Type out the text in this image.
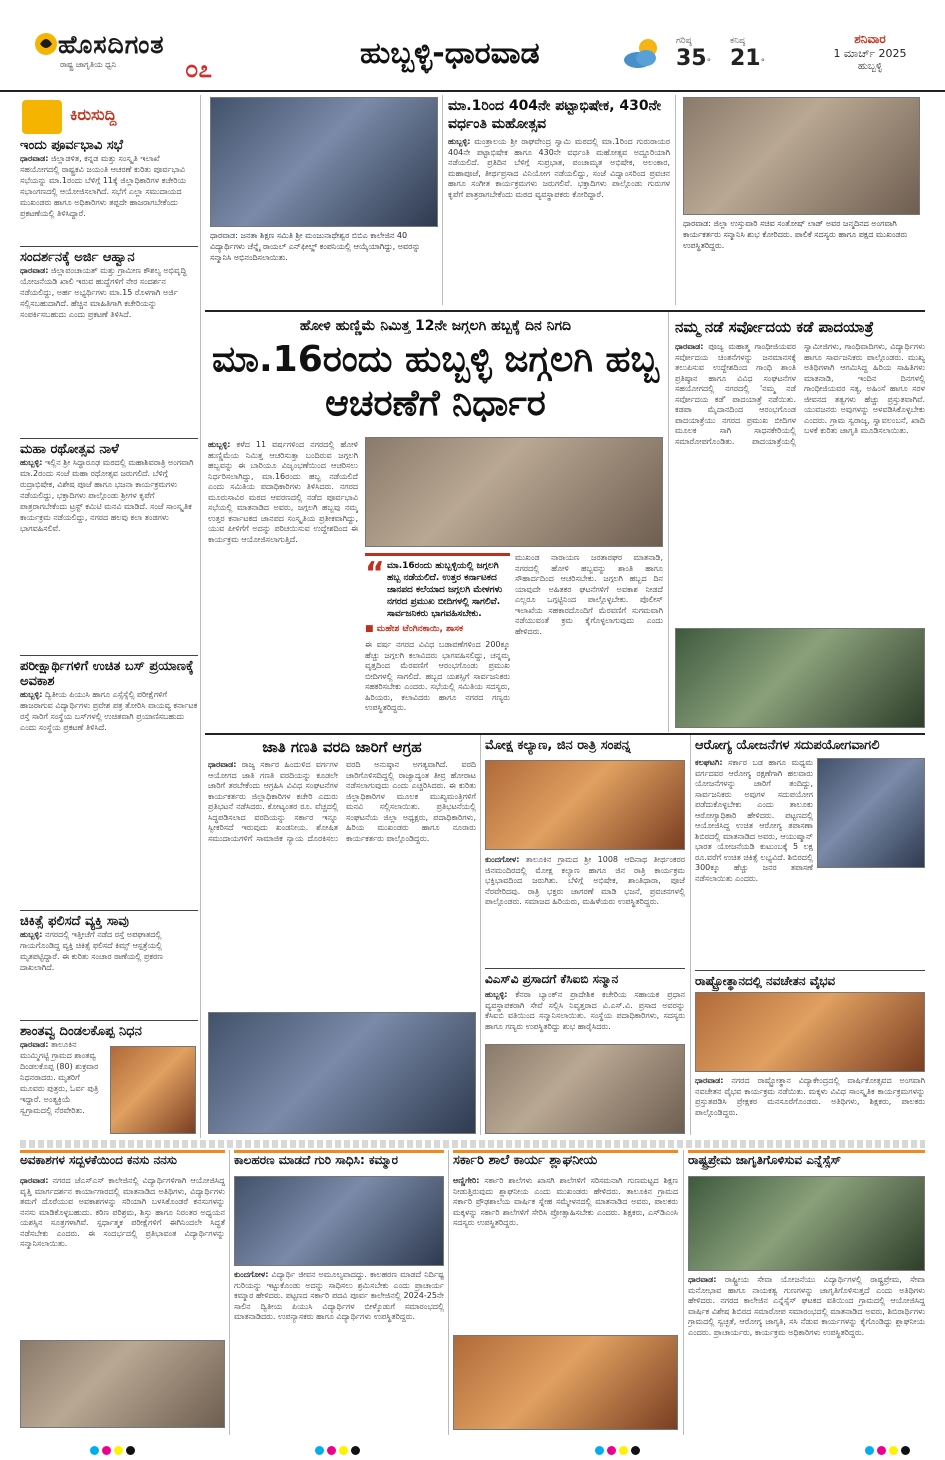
ಹೊಸದಿಗಂತ
ರಾಷ್ಟ್ರ ಜಾಗೃತಿಯ ಧ್ವನಿ	೦೭	ಹುಬ್ಬಳ್ಳಿ-ಧಾರವಾಡ	ಗರಿಷ್ಠ
35°
ಕನಿಷ್ಠ
21°
ಶನಿವಾರ
1 ಮಾರ್ಚ್ 2025
ಹುಬ್ಬಳ್ಳಿ
ಕಿರುಸುದ್ದಿ
ಇಂದು ಪೂರ್ವಭಾವಿ ಸಭೆ
ಧಾರವಾಡ: ಜಿಲ್ಲಾಡಳಿತ, ಕನ್ನಡ ಮತ್ತು ಸಂಸ್ಕೃತಿ ಇಲಾಖೆ ಸಹಯೋಗದಲ್ಲಿ ರಾಷ್ಟ್ರಕವಿ ಜಯಂತಿ ಆಚರಣೆ ಕುರಿತು ಪೂರ್ವಭಾವಿ ಸಭೆಯನ್ನು ಮಾ.1ರಂದು ಬೆಳಿಗ್ಗೆ 11ಕ್ಕೆ ಜಿಲ್ಲಾಧಿಕಾರಿಗಳ ಕಚೇರಿಯ ಸಭಾಂಗಣದಲ್ಲಿ ಆಯೋಜಿಸಲಾಗಿದೆ. ಸಭೆಗೆ ಎಲ್ಲಾ ಸಮುದಾಯದ ಮುಖಂಡರು ಹಾಗೂ ಅಧಿಕಾರಿಗಳು ತಪ್ಪದೇ ಹಾಜರಾಗಬೇಕೆಂದು ಪ್ರಕಟಣೆಯಲ್ಲಿ ತಿಳಿಸಿದ್ದಾರೆ.
ಸಂದರ್ಶನಕ್ಕೆ ಅರ್ಜಿ ಆಹ್ವಾನ
ಧಾರವಾಡ: ಜಿಲ್ಲಾಪಂಚಾಯತ್ ಮತ್ತು ಗ್ರಾಮೀಣ ಕೌಶಲ್ಯ ಅಭಿವೃದ್ಧಿ ಯೋಜನೆಯಡಿ ಖಾಲಿ ಇರುವ ಹುದ್ದೆಗಳಿಗೆ ನೇರ ಸಂದರ್ಶನ ನಡೆಯಲಿದ್ದು, ಅರ್ಹ ಅಭ್ಯರ್ಥಿಗಳು ಮಾ.15 ರೊಳಗಾಗಿ ಅರ್ಜಿ ಸಲ್ಲಿಸಬಹುದಾಗಿದೆ. ಹೆಚ್ಚಿನ ಮಾಹಿತಿಗಾಗಿ ಕಚೇರಿಯನ್ನು ಸಂಪರ್ಕಿಸಬಹುದು ಎಂದು ಪ್ರಕಟಣೆ ತಿಳಿಸಿದೆ.
ಮಹಾ ರಥೋತ್ಸವ ನಾಳೆ
ಹುಬ್ಬಳ್ಳಿ: ಇಲ್ಲಿನ ಶ್ರೀ ಸಿದ್ಧಾರೂಢ ಮಠದಲ್ಲಿ ಮಹಾಶಿವರಾತ್ರಿ ಅಂಗವಾಗಿ ಮಾ.2ರಂದು ಸಂಜೆ ಮಹಾ ರಥೋತ್ಸವ ಜರುಗಲಿದೆ. ಬೆಳಿಗ್ಗೆ ರುದ್ರಾಭಿಷೇಕ, ವಿಶೇಷ ಪೂಜೆ ಹಾಗೂ ಭಜನಾ ಕಾರ್ಯಕ್ರಮಗಳು ನಡೆಯಲಿದ್ದು, ಭಕ್ತಾದಿಗಳು ಪಾಲ್ಗೊಂಡು ಶ್ರೀಗಳ ಕೃಪೆಗೆ ಪಾತ್ರರಾಗಬೇಕೆಂದು ಟ್ರಸ್ಟ್ ಕಮಿಟಿ ಮನವಿ ಮಾಡಿದೆ. ಸಂಜೆ ಸಾಂಸ್ಕೃತಿಕ ಕಾರ್ಯಕ್ರಮ ನಡೆಯಲಿದ್ದು, ನಗರದ ಹಲವು ಕಲಾ ತಂಡಗಳು ಭಾಗವಹಿಸಲಿವೆ.
ಪರೀಕ್ಷಾರ್ಥಿಗಳಿಗೆ ಉಚಿತ ಬಸ್ ಪ್ರಯಾಣಕ್ಕೆ ಅವಕಾಶ
ಹುಬ್ಬಳ್ಳಿ: ದ್ವಿತೀಯ ಪಿಯುಸಿ ಹಾಗೂ ಎಸ್ಸೆಸ್ಸೆಲ್ಸಿ ಪರೀಕ್ಷೆಗಳಿಗೆ ಹಾಜರಾಗುವ ವಿದ್ಯಾರ್ಥಿಗಳು ಪ್ರವೇಶ ಪತ್ರ ತೋರಿಸಿ ವಾಯವ್ಯ ಕರ್ನಾಟಕ ರಸ್ತೆ ಸಾರಿಗೆ ಸಂಸ್ಥೆಯ ಬಸ್‌ಗಳಲ್ಲಿ ಉಚಿತವಾಗಿ ಪ್ರಯಾಣಿಸಬಹುದು ಎಂದು ಸಂಸ್ಥೆಯ ಪ್ರಕಟಣೆ ತಿಳಿಸಿದೆ.
ಚಿಕಿತ್ಸೆ ಫಲಿಸದೆ ವ್ಯಕ್ತಿ ಸಾವು
ಹುಬ್ಬಳ್ಳಿ: ನಗರದಲ್ಲಿ ಇತ್ತೀಚೆಗೆ ನಡೆದ ರಸ್ತೆ ಅಪಘಾತದಲ್ಲಿ ಗಾಯಗೊಂಡಿದ್ದ ವ್ಯಕ್ತಿ ಚಿಕಿತ್ಸೆ ಫಲಿಸದೆ ಕಿಮ್ಸ್ ಆಸ್ಪತ್ರೆಯಲ್ಲಿ ಮೃತಪಟ್ಟಿದ್ದಾರೆ. ಈ ಕುರಿತು ಸಂಚಾರ ಠಾಣೆಯಲ್ಲಿ ಪ್ರಕರಣ ದಾಖಲಾಗಿದೆ.
ಶಾಂತವ್ವ ದಿಂಡಲಕೊಪ್ಪ ನಿಧನ
ಧಾರವಾಡ: ತಾಲೂಕಿನ ಮುಮ್ಮಿಗಟ್ಟಿ ಗ್ರಾಮದ ಶಾಂತವ್ವ ದಿಂಡಲಕೊಪ್ಪ (80) ಶುಕ್ರವಾರ ನಿಧನರಾದರು. ಮೃತರಿಗೆ ಮೂವರು ಪುತ್ರರು, ಓರ್ವ ಪುತ್ರಿ ಇದ್ದಾರೆ. ಅಂತ್ಯಕ್ರಿಯೆ ಸ್ವಗ್ರಾಮದಲ್ಲಿ ನೆರವೇರಿತು.
ಧಾರವಾಡ: ಜನತಾ ಶಿಕ್ಷಣ ಸಮಿತಿ ಶ್ರೀ ಮಂಜುನಾಥೇಶ್ವರ ಬಿಬಿಎ ಕಾಲೇಜಿನ 40 ವಿದ್ಯಾರ್ಥಿಗಳು ಚೆನ್ನೈ ರಾಯಲ್ ಎನ್‌ಫೀಲ್ಡ್ ಕಂಪನಿಯಲ್ಲಿ ಆಯ್ಕೆಯಾಗಿದ್ದು, ಅವರನ್ನು ಸನ್ಮಾನಿಸಿ ಅಭಿನಂದಿಸಲಾಯಿತು.
ಮಾ.1ರಿಂದ 404ನೇ ಪಟ್ಟಾಭಿಷೇಕ, 430ನೇ ವರ್ಧಂತಿ ಮಹೋತ್ಸವ
ಹುಬ್ಬಳ್ಳಿ: ಮಂತ್ರಾಲಯ ಶ್ರೀ ರಾಘವೇಂದ್ರ ಸ್ವಾಮಿ ಮಠದಲ್ಲಿ ಮಾ.1ರಿಂದ ಗುರುರಾಯರ 404ನೇ ಪಟ್ಟಾಭಿಷೇಕ ಹಾಗೂ 430ನೇ ವರ್ಧಂತಿ ಮಹೋತ್ಸವ ಅದ್ದೂರಿಯಾಗಿ ನಡೆಯಲಿದೆ. ಪ್ರತಿದಿನ ಬೆಳಿಗ್ಗೆ ಸುಪ್ರಭಾತ, ಪಂಚಾಮೃತ ಅಭಿಷೇಕ, ಅಲಂಕಾರ, ಮಹಾಪೂಜೆ, ತೀರ್ಥಪ್ರಸಾದ ವಿನಿಯೋಗ ನಡೆಯಲಿದ್ದು, ಸಂಜೆ ವಿದ್ವಾಂಸರಿಂದ ಪ್ರವಚನ ಹಾಗೂ ಸಂಗೀತ ಕಾರ್ಯಕ್ರಮಗಳು ಜರುಗಲಿವೆ. ಭಕ್ತಾದಿಗಳು ಪಾಲ್ಗೊಂಡು ಗುರುಗಳ ಕೃಪೆಗೆ ಪಾತ್ರರಾಗಬೇಕೆಂದು ಮಠದ ವ್ಯವಸ್ಥಾಪಕರು ಕೋರಿದ್ದಾರೆ.
ಧಾರವಾಡ: ಜಿಲ್ಲಾ ಉಸ್ತುವಾರಿ ಸಚಿವ ಸಂತೋಷ್ ಲಾಡ್ ಅವರ ಜನ್ಮದಿನದ ಅಂಗವಾಗಿ ಕಾರ್ಯಕರ್ತರು ಸನ್ಮಾನಿಸಿ ಶುಭ ಕೋರಿದರು. ಪಾಲಿಕೆ ಸದಸ್ಯರು ಹಾಗೂ ಪಕ್ಷದ ಮುಖಂಡರು ಉಪಸ್ಥಿತರಿದ್ದರು.
ಹೋಳಿ ಹುಣ್ಣಿಮೆ ನಿಮಿತ್ತ 12ನೇ ಜಗ್ಗಲಗಿ ಹಬ್ಬಕ್ಕೆ ದಿನ ನಿಗದಿ
ಮಾ.16ರಂದು ಹುಬ್ಬಳ್ಳಿ ಜಗ್ಗಲಗಿ ಹಬ್ಬ ಆಚರಣೆಗೆ ನಿರ್ಧಾರ
ಹುಬ್ಬಳ್ಳಿ: ಕಳೆದ 11 ವರ್ಷಗಳಿಂದ ನಗರದಲ್ಲಿ ಹೋಳಿ ಹುಣ್ಣಿಮೆಯ ನಿಮಿತ್ತ ಆಚರಿಸುತ್ತಾ ಬಂದಿರುವ ಜಗ್ಗಲಗಿ ಹಬ್ಬವನ್ನು ಈ ಬಾರಿಯೂ ವಿಜೃಂಭಣೆಯಿಂದ ಆಚರಿಸಲು ನಿರ್ಧರಿಸಲಾಗಿದ್ದು, ಮಾ.16ರಂದು ಹಬ್ಬ ನಡೆಯಲಿದೆ ಎಂದು ಸಮಿತಿಯ ಪದಾಧಿಕಾರಿಗಳು ತಿಳಿಸಿದರು. ನಗರದ ಮೂರುಸಾವಿರ ಮಠದ ಆವರಣದಲ್ಲಿ ನಡೆದ ಪೂರ್ವಭಾವಿ ಸಭೆಯಲ್ಲಿ ಮಾತನಾಡಿದ ಅವರು, ಜಗ್ಗಲಗಿ ಹಬ್ಬವು ನಮ್ಮ ಉತ್ತರ ಕರ್ನಾಟಕದ ಜಾನಪದ ಸಂಸ್ಕೃತಿಯ ಪ್ರತೀಕವಾಗಿದ್ದು, ಯುವ ಪೀಳಿಗೆಗೆ ಅದನ್ನು ಪರಿಚಯಿಸುವ ಉದ್ದೇಶದಿಂದ ಈ ಕಾರ್ಯಕ್ರಮ ಆಯೋಜಿಸಲಾಗುತ್ತಿದೆ.
ಈ ವರ್ಷ ನಗರದ ವಿವಿಧ ಬಡಾವಣೆಗಳಿಂದ 200ಕ್ಕೂ ಹೆಚ್ಚು ಜಗ್ಗಲಗಿ ಕಲಾವಿದರು ಭಾಗವಹಿಸಲಿದ್ದು, ಚನ್ನಮ್ಮ ವೃತ್ತದಿಂದ ಮೆರವಣಿಗೆ ಆರಂಭಗೊಂಡು ಪ್ರಮುಖ ಬೀದಿಗಳಲ್ಲಿ ಸಾಗಲಿದೆ. ಹಬ್ಬದ ಯಶಸ್ಸಿಗೆ ಸಾರ್ವಜನಿಕರು ಸಹಕರಿಸಬೇಕು ಎಂದರು. ಸಭೆಯಲ್ಲಿ ಸಮಿತಿಯ ಸದಸ್ಯರು, ಹಿರಿಯರು, ಕಲಾವಿದರು ಹಾಗೂ ನಗರದ ಗಣ್ಯರು ಉಪಸ್ಥಿತರಿದ್ದರು.
“ ಮಾ.16ರಂದು ಹುಬ್ಬಳ್ಳಿಯಲ್ಲಿ ಜಗ್ಗಲಗಿ ಹಬ್ಬ ನಡೆಯಲಿದೆ. ಉತ್ತರ ಕರ್ನಾಟಕದ ಜಾನಪದ ಕಲೆಯಾದ ಜಗ್ಗಲಗಿ ಮೇಳಗಳು ನಗರದ ಪ್ರಮುಖ ಬೀದಿಗಳಲ್ಲಿ ಸಾಗಲಿವೆ. ಸಾರ್ವಜನಿಕರು ಭಾಗವಹಿಸಬೇಕು.
■ ಮಹೇಶ ಟೆಂಗಿನಕಾಯಿ, ಶಾಸಕ
ಮುಖಂಡ ನಾರಾಯಣ ಜರತಾರಘರ ಮಾತನಾಡಿ, ನಗರದಲ್ಲಿ ಹೋಳಿ ಹಬ್ಬವನ್ನು ಶಾಂತಿ ಹಾಗೂ ಸೌಹಾರ್ದದಿಂದ ಆಚರಿಸಬೇಕು. ಜಗ್ಗಲಗಿ ಹಬ್ಬದ ದಿನ ಯಾವುದೇ ಅಹಿತಕರ ಘಟನೆಗಳಿಗೆ ಅವಕಾಶ ನೀಡದೆ ಎಲ್ಲರೂ ಒಗ್ಗಟ್ಟಿನಿಂದ ಪಾಲ್ಗೊಳ್ಳಬೇಕು. ಪೊಲೀಸ್ ಇಲಾಖೆಯ ಸಹಕಾರದೊಂದಿಗೆ ಮೆರವಣಿಗೆ ಸುಗಮವಾಗಿ ನಡೆಯುವಂತೆ ಕ್ರಮ ಕೈಗೊಳ್ಳಲಾಗುವುದು ಎಂದು ಹೇಳಿದರು.
ನಮ್ಮ ನಡೆ ಸರ್ವೋದಯ ಕಡೆ ಪಾದಯಾತ್ರೆ
ಧಾರವಾಡ: ಪೂಜ್ಯ ಮಹಾತ್ಮ ಗಾಂಧೀಜಿಯವರ ಸರ್ವೋದಯ ಚಿಂತನೆಗಳನ್ನು ಜನಮಾನಸಕ್ಕೆ ತಲುಪಿಸುವ ಉದ್ದೇಶದಿಂದ ಗಾಂಧಿ ಶಾಂತಿ ಪ್ರತಿಷ್ಠಾನ ಹಾಗೂ ವಿವಿಧ ಸಂಘಟನೆಗಳ ಸಹಯೋಗದಲ್ಲಿ ನಗರದಲ್ಲಿ 'ನಮ್ಮ ನಡೆ ಸರ್ವೋದಯ ಕಡೆ' ಪಾದಯಾತ್ರೆ ನಡೆಯಿತು. ಕಡಪಾ ಮೈದಾನದಿಂದ ಆರಂಭಗೊಂಡ ಪಾದಯಾತ್ರೆಯು ನಗರದ ಪ್ರಮುಖ ಬೀದಿಗಳ ಮೂಲಕ ಸಾಗಿ ಸಾಧನಕೇರಿಯಲ್ಲಿ ಸಮಾರೋಪಗೊಂಡಿತು. ಪಾದಯಾತ್ರೆಯಲ್ಲಿ ಸ್ವಾಮೀಜಿಗಳು, ಗಾಂಧಿವಾದಿಗಳು, ವಿದ್ಯಾರ್ಥಿಗಳು ಹಾಗೂ ಸಾರ್ವಜನಿಕರು ಪಾಲ್ಗೊಂಡರು. ಮುಖ್ಯ ಅತಿಥಿಗಳಾಗಿ ಆಗಮಿಸಿದ್ದ ಹಿರಿಯ ಸಾಹಿತಿಗಳು ಮಾತನಾಡಿ, ಇಂದಿನ ದಿನಗಳಲ್ಲಿ ಗಾಂಧೀಜಿಯವರ ಸತ್ಯ, ಅಹಿಂಸೆ ಹಾಗೂ ಸರಳ ಜೀವನದ ತತ್ವಗಳು ಹೆಚ್ಚು ಪ್ರಸ್ತುತವಾಗಿವೆ. ಯುವಜನರು ಅವುಗಳನ್ನು ಅಳವಡಿಸಿಕೊಳ್ಳಬೇಕು ಎಂದರು. ಗ್ರಾಮ ಸ್ವರಾಜ್ಯ, ಸ್ವಾವಲಂಬನೆ, ಖಾದಿ ಬಳಕೆ ಕುರಿತು ಜಾಗೃತಿ ಮೂಡಿಸಲಾಯಿತು.
ಜಾತಿ ಗಣತಿ ವರದಿ ಜಾರಿಗೆ ಆಗ್ರಹ
ಧಾರವಾಡ: ರಾಜ್ಯ ಸರ್ಕಾರ ಹಿಂದುಳಿದ ವರ್ಗಗಳ ಆಯೋಗದ ಜಾತಿ ಗಣತಿ ವರದಿಯನ್ನು ಕೂಡಲೇ ಜಾರಿಗೆ ತರಬೇಕೆಂದು ಆಗ್ರಹಿಸಿ ವಿವಿಧ ಸಂಘಟನೆಗಳ ಕಾರ್ಯಕರ್ತರು ಜಿಲ್ಲಾಧಿಕಾರಿಗಳ ಕಚೇರಿ ಎದುರು ಪ್ರತಿಭಟನೆ ನಡೆಸಿದರು. ಕೋಟ್ಯಂತರ ರೂ. ವೆಚ್ಚದಲ್ಲಿ ಸಿದ್ಧಪಡಿಸಲಾದ ವರದಿಯನ್ನು ಸರ್ಕಾರ ಇನ್ನೂ ಸ್ವೀಕರಿಸದೆ ಇರುವುದು ಖಂಡನೀಯ. ಶೋಷಿತ ಸಮುದಾಯಗಳಿಗೆ ಸಾಮಾಜಿಕ ನ್ಯಾಯ ದೊರಕಿಸಲು ವರದಿ ಅನುಷ್ಠಾನ ಅಗತ್ಯವಾಗಿದೆ. ವರದಿ ಜಾರಿಗೊಳಿಸದಿದ್ದಲ್ಲಿ ರಾಜ್ಯಾದ್ಯಂತ ತೀವ್ರ ಹೋರಾಟ ನಡೆಸಲಾಗುವುದು ಎಂದು ಎಚ್ಚರಿಸಿದರು. ಈ ಕುರಿತು ಜಿಲ್ಲಾಧಿಕಾರಿಗಳ ಮೂಲಕ ಮುಖ್ಯಮಂತ್ರಿಗಳಿಗೆ ಮನವಿ ಸಲ್ಲಿಸಲಾಯಿತು. ಪ್ರತಿಭಟನೆಯಲ್ಲಿ ಸಂಘಟನೆಯ ಜಿಲ್ಲಾ ಅಧ್ಯಕ್ಷರು, ಪದಾಧಿಕಾರಿಗಳು, ಹಿರಿಯ ಮುಖಂಡರು ಹಾಗೂ ನೂರಾರು ಕಾರ್ಯಕರ್ತರು ಪಾಲ್ಗೊಂಡಿದ್ದರು.
ಮೋಕ್ಷ ಕಲ್ಯಾಣ, ಜಿನ ರಾತ್ರಿ ಸಂಪನ್ನ
ಕುಂದಗೋಳ: ತಾಲೂಕಿನ ಗ್ರಾಮದ ಶ್ರೀ 1008 ಆದಿನಾಥ ತೀರ್ಥಂಕರರ ಜಿನಮಂದಿರದಲ್ಲಿ ಮೋಕ್ಷ ಕಲ್ಯಾಣ ಹಾಗೂ ಜಿನ ರಾತ್ರಿ ಕಾರ್ಯಕ್ರಮ ಭಕ್ತಿಭಾವದಿಂದ ಜರುಗಿತು. ಬೆಳಿಗ್ಗೆ ಅಭಿಷೇಕ, ಶಾಂತಿಧಾರಾ, ಪೂಜೆ ನೆರವೇರಿದವು. ರಾತ್ರಿ ಭಕ್ತರು ಜಾಗರಣೆ ಮಾಡಿ ಭಜನೆ, ಪ್ರವಚನಗಳಲ್ಲಿ ಪಾಲ್ಗೊಂಡರು. ಸಮಾಜದ ಹಿರಿಯರು, ಮಹಿಳೆಯರು ಉಪಸ್ಥಿತರಿದ್ದರು.
ವಿಎಸ್‌ವಿ ಪ್ರಸಾದಗೆ ಕೆಸಿಐಬಿ ಸನ್ಮಾನ
ಹುಬ್ಬಳ್ಳಿ: ಕೆನರಾ ಬ್ಯಾಂಕ್‌ನ ಪ್ರಾದೇಶಿಕ ಕಚೇರಿಯ ಸಹಾಯಕ ಪ್ರಧಾನ ವ್ಯವಸ್ಥಾಪಕರಾಗಿ ಸೇವೆ ಸಲ್ಲಿಸಿ ನಿವೃತ್ತರಾದ ವಿ.ಎಸ್.ವಿ. ಪ್ರಸಾದ ಅವರನ್ನು ಕೆಸಿಐಬಿ ವತಿಯಿಂದ ಸನ್ಮಾನಿಸಲಾಯಿತು. ಸಂಸ್ಥೆಯ ಪದಾಧಿಕಾರಿಗಳು, ಸದಸ್ಯರು ಹಾಗೂ ಗಣ್ಯರು ಉಪಸ್ಥಿತರಿದ್ದು ಶುಭ ಹಾರೈಸಿದರು.
ಆರೋಗ್ಯ ಯೋಜನೆಗಳ ಸದುಪಯೋಗವಾಗಲಿ
ಕಲಘಟಗಿ: ಸರ್ಕಾರ ಬಡ ಹಾಗೂ ಮಧ್ಯಮ ವರ್ಗದವರ ಆರೋಗ್ಯ ರಕ್ಷಣೆಗಾಗಿ ಹಲವಾರು ಯೋಜನೆಗಳನ್ನು ಜಾರಿಗೆ ತಂದಿದ್ದು, ಸಾರ್ವಜನಿಕರು ಅವುಗಳ ಸದುಪಯೋಗ ಪಡೆದುಕೊಳ್ಳಬೇಕು ಎಂದು ತಾಲೂಕು ಆರೋಗ್ಯಾಧಿಕಾರಿ ಹೇಳಿದರು. ಪಟ್ಟಣದಲ್ಲಿ ಆಯೋಜಿಸಿದ್ದ ಉಚಿತ ಆರೋಗ್ಯ ತಪಾಸಣಾ ಶಿಬಿರದಲ್ಲಿ ಮಾತನಾಡಿದ ಅವರು, ಆಯುಷ್ಮಾನ್ ಭಾರತ ಯೋಜನೆಯಡಿ ಕುಟುಂಬಕ್ಕೆ 5 ಲಕ್ಷ ರೂ.ವರೆಗೆ ಉಚಿತ ಚಿಕಿತ್ಸೆ ಲಭ್ಯವಿದೆ. ಶಿಬಿರದಲ್ಲಿ 300ಕ್ಕೂ ಹೆಚ್ಚು ಜನರ ತಪಾಸಣೆ ನಡೆಸಲಾಯಿತು ಎಂದರು.
ರಾಷ್ಟ್ರೋತ್ಥಾನದಲ್ಲಿ ನವಚೇತನ ವೈಭವ
ಧಾರವಾಡ: ನಗರದ ರಾಷ್ಟ್ರೋತ್ಥಾನ ವಿದ್ಯಾಕೇಂದ್ರದಲ್ಲಿ ವಾರ್ಷಿಕೋತ್ಸವದ ಅಂಗವಾಗಿ ನವಚೇತನ ವೈಭವ ಕಾರ್ಯಕ್ರಮ ನಡೆಯಿತು. ಮಕ್ಕಳು ವಿವಿಧ ಸಾಂಸ್ಕೃತಿಕ ಕಾರ್ಯಕ್ರಮಗಳನ್ನು ಪ್ರಸ್ತುತಪಡಿಸಿ ಪ್ರೇಕ್ಷಕರ ಮನಸೂರೆಗೊಂಡರು. ಅತಿಥಿಗಳು, ಶಿಕ್ಷಕರು, ಪಾಲಕರು ಪಾಲ್ಗೊಂಡಿದ್ದರು.
ಅವಕಾಶಗಳ ಸದ್ಬಳಕೆಯಿಂದ ಕನಸು ನನಸು
ಧಾರವಾಡ: ನಗರದ ಜೆಎಸ್‌ಎಸ್ ಕಾಲೇಜಿನಲ್ಲಿ ವಿದ್ಯಾರ್ಥಿಗಳಿಗಾಗಿ ಆಯೋಜಿಸಿದ್ದ ವೃತ್ತಿ ಮಾರ್ಗದರ್ಶನ ಕಾರ್ಯಾಗಾರದಲ್ಲಿ ಮಾತನಾಡಿದ ಅತಿಥಿಗಳು, ವಿದ್ಯಾರ್ಥಿಗಳು ತಮಗೆ ದೊರೆಯುವ ಅವಕಾಶಗಳನ್ನು ಸರಿಯಾಗಿ ಬಳಸಿಕೊಂಡರೆ ಕನಸುಗಳನ್ನು ನನಸು ಮಾಡಿಕೊಳ್ಳಬಹುದು. ಕಠಿಣ ಪರಿಶ್ರಮ, ಶಿಸ್ತು ಹಾಗೂ ನಿರಂತರ ಅಧ್ಯಯನ ಯಶಸ್ಸಿನ ಸೂತ್ರಗಳಾಗಿವೆ. ಸ್ಪರ್ಧಾತ್ಮಕ ಪರೀಕ್ಷೆಗಳಿಗೆ ಈಗಿನಿಂದಲೇ ಸಿದ್ಧತೆ ನಡೆಸಬೇಕು ಎಂದರು. ಈ ಸಂದರ್ಭದಲ್ಲಿ ಪ್ರತಿಭಾವಂತ ವಿದ್ಯಾರ್ಥಿಗಳನ್ನು ಸನ್ಮಾನಿಸಲಾಯಿತು.
ಕಾಲಹರಣ ಮಾಡದೆ ಗುರಿ ಸಾಧಿಸಿ: ಕಮ್ಮಾರ
ಕುಂದಗೋಳ: ವಿದ್ಯಾರ್ಥಿ ಜೀವನ ಅಮೂಲ್ಯವಾದದ್ದು. ಕಾಲಹರಣ ಮಾಡದೆ ನಿರ್ದಿಷ್ಟ ಗುರಿಯನ್ನು ಇಟ್ಟುಕೊಂಡು ಅದನ್ನು ಸಾಧಿಸಲು ಶ್ರಮಿಸಬೇಕು ಎಂದು ಪ್ರಾಚಾರ್ಯ ಕಮ್ಮಾರ ಹೇಳಿದರು. ಪಟ್ಟಣದ ಸರ್ಕಾರಿ ಪದವಿ ಪೂರ್ವ ಕಾಲೇಜಿನಲ್ಲಿ 2024-25ನೇ ಸಾಲಿನ ದ್ವಿತೀಯ ಪಿಯುಸಿ ವಿದ್ಯಾರ್ಥಿಗಳ ಬೀಳ್ಕೊಡುಗೆ ಸಮಾರಂಭದಲ್ಲಿ ಮಾತನಾಡಿದರು. ಉಪನ್ಯಾಸಕರು ಹಾಗೂ ವಿದ್ಯಾರ್ಥಿಗಳು ಉಪಸ್ಥಿತರಿದ್ದರು.
ಸರ್ಕಾರಿ ಶಾಲೆ ಕಾರ್ಯ ಶ್ಲಾಘನೀಯ
ಅಣ್ಣಿಗೇರಿ: ಸರ್ಕಾರಿ ಶಾಲೆಗಳು ಖಾಸಗಿ ಶಾಲೆಗಳಿಗೆ ಸರಿಸಮನಾಗಿ ಗುಣಮಟ್ಟದ ಶಿಕ್ಷಣ ನೀಡುತ್ತಿರುವುದು ಶ್ಲಾಘನೀಯ ಎಂದು ಮುಖಂಡರು ಹೇಳಿದರು. ತಾಲೂಕಿನ ಗ್ರಾಮದ ಸರ್ಕಾರಿ ಪ್ರೌಢಶಾಲೆಯ ವಾರ್ಷಿಕ ಸ್ನೇಹ ಸಮ್ಮೇಳನದಲ್ಲಿ ಮಾತನಾಡಿದ ಅವರು, ಪಾಲಕರು ಮಕ್ಕಳನ್ನು ಸರ್ಕಾರಿ ಶಾಲೆಗಳಿಗೆ ಸೇರಿಸಿ ಪ್ರೋತ್ಸಾಹಿಸಬೇಕು ಎಂದರು. ಶಿಕ್ಷಕರು, ಎಸ್‌ಡಿಎಂಸಿ ಸದಸ್ಯರು ಉಪಸ್ಥಿತರಿದ್ದರು.
ರಾಷ್ಟ್ರಪ್ರೇಮ ಜಾಗೃತಿಗೊಳಿಸುವ ಎನ್ನೆಸ್ಸೆಸ್
ಧಾರವಾಡ: ರಾಷ್ಟ್ರೀಯ ಸೇವಾ ಯೋಜನೆಯು ವಿದ್ಯಾರ್ಥಿಗಳಲ್ಲಿ ರಾಷ್ಟ್ರಪ್ರೇಮ, ಸೇವಾ ಮನೋಭಾವ ಹಾಗೂ ನಾಯಕತ್ವ ಗುಣಗಳನ್ನು ಜಾಗೃತಿಗೊಳಿಸುತ್ತದೆ ಎಂದು ಅತಿಥಿಗಳು ಹೇಳಿದರು. ನಗರದ ಕಾಲೇಜಿನ ಎನ್ನೆಸ್ಸೆಸ್ ಘಟಕದ ವತಿಯಿಂದ ಗ್ರಾಮದಲ್ಲಿ ಆಯೋಜಿಸಿದ್ದ ವಾರ್ಷಿಕ ವಿಶೇಷ ಶಿಬಿರದ ಸಮಾರೋಪ ಸಮಾರಂಭದಲ್ಲಿ ಮಾತನಾಡಿದ ಅವರು, ಶಿಬಿರಾರ್ಥಿಗಳು ಗ್ರಾಮದಲ್ಲಿ ಸ್ವಚ್ಛತೆ, ಆರೋಗ್ಯ ಜಾಗೃತಿ, ಸಸಿ ನೆಡುವ ಕಾರ್ಯಗಳನ್ನು ಕೈಗೊಂಡಿದ್ದು ಶ್ಲಾಘನೀಯ ಎಂದರು. ಪ್ರಾಚಾರ್ಯರು, ಕಾರ್ಯಕ್ರಮ ಅಧಿಕಾರಿಗಳು ಉಪಸ್ಥಿತರಿದ್ದರು.
